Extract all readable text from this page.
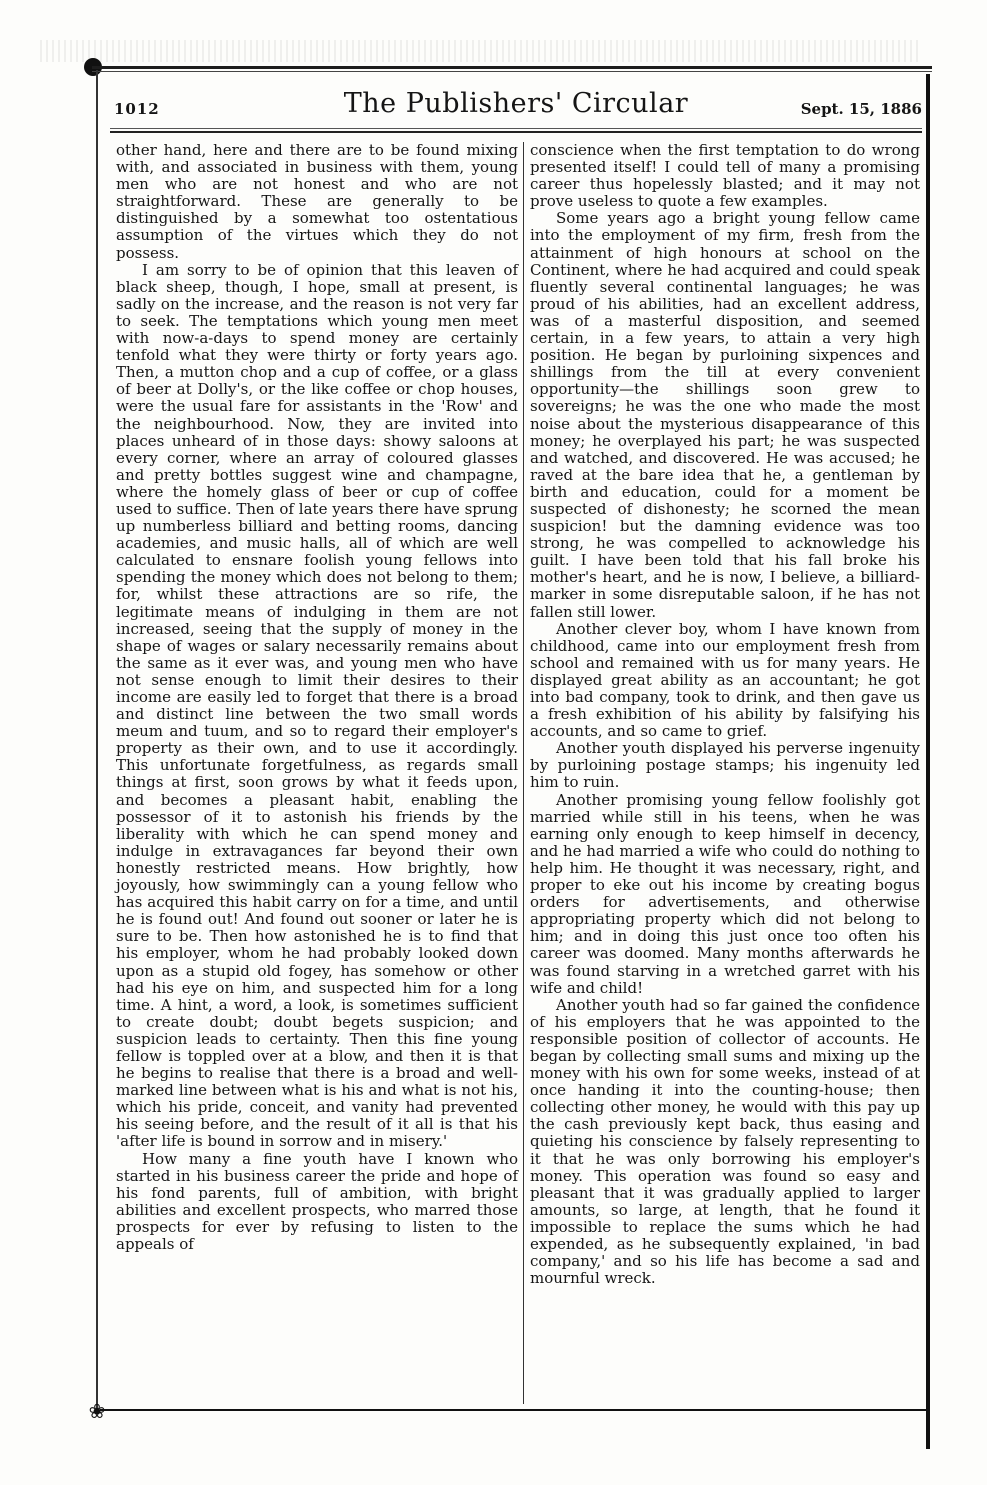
1012	The Publishers' Circular	Sept. 15, 1886

other hand, here and there are to be found mixing with, and associated in business with them, young men who are not honest and who are not straightforward. These are generally to be distinguished by a somewhat too ostentatious assumption of the virtues which they do not possess.

I am sorry to be of opinion that this leaven of black sheep, though, I hope, small at present, is sadly on the increase, and the reason is not very far to seek. The temptations which young men meet with now-a-days to spend money are certainly tenfold what they were thirty or forty years ago. Then, a mutton chop and a cup of coffee, or a glass of beer at Dolly's, or the like coffee or chop houses, were the usual fare for assistants in the 'Row' and the neighbourhood. Now, they are invited into places unheard of in those days: showy saloons at every corner, where an array of coloured glasses and pretty bottles suggest wine and champagne, where the homely glass of beer or cup of coffee used to suffice. Then of late years there have sprung up numberless billiard and betting rooms, dancing academies, and music halls, all of which are well calculated to ensnare foolish young fellows into spending the money which does not belong to them; for, whilst these attractions are so rife, the legitimate means of indulging in them are not increased, seeing that the supply of money in the shape of wages or salary necessarily remains about the same as it ever was, and young men who have not sense enough to limit their desires to their income are easily led to forget that there is a broad and distinct line between the two small words meum and tuum, and so to regard their employer's property as their own, and to use it accordingly. This unfortunate forgetfulness, as regards small things at first, soon grows by what it feeds upon, and becomes a pleasant habit, enabling the possessor of it to astonish his friends by the liberality with which he can spend money and indulge in extravagances far beyond their own honestly restricted means. How brightly, how joyously, how swimmingly can a young fellow who has acquired this habit carry on for a time, and until he is found out! And found out sooner or later he is sure to be. Then how astonished he is to find that his employer, whom he had probably looked down upon as a stupid old fogey, has somehow or other had his eye on him, and suspected him for a long time. A hint, a word, a look, is sometimes sufficient to create doubt; doubt begets suspicion; and suspicion leads to certainty. Then this fine young fellow is toppled over at a blow, and then it is that he begins to realise that there is a broad and well-marked line between what is his and what is not his, which his pride, conceit, and vanity had prevented his seeing before, and the result of it all is that his 'after life is bound in sorrow and in misery.'

How many a fine youth have I known who started in his business career the pride and hope of his fond parents, full of ambition, with bright abilities and excellent prospects, who marred those prospects for ever by refusing to listen to the appeals of

conscience when the first temptation to do wrong presented itself! I could tell of many a promising career thus hopelessly blasted; and it may not prove useless to quote a few examples.

Some years ago a bright young fellow came into the employment of my firm, fresh from the attainment of high honours at school on the Continent, where he had acquired and could speak fluently several continental languages; he was proud of his abilities, had an excellent address, was of a masterful disposition, and seemed certain, in a few years, to attain a very high position. He began by purloining sixpences and shillings from the till at every convenient opportunity—the shillings soon grew to sovereigns; he was the one who made the most noise about the mysterious disappearance of this money; he overplayed his part; he was suspected and watched, and discovered. He was accused; he raved at the bare idea that he, a gentleman by birth and education, could for a moment be suspected of dishonesty; he scorned the mean suspicion! but the damning evidence was too strong, he was compelled to acknowledge his guilt. I have been told that his fall broke his mother's heart, and he is now, I believe, a billiard-marker in some disreputable saloon, if he has not fallen still lower.

Another clever boy, whom I have known from childhood, came into our employment fresh from school and remained with us for many years. He displayed great ability as an accountant; he got into bad company, took to drink, and then gave us a fresh exhibition of his ability by falsifying his accounts, and so came to grief.

Another youth displayed his perverse ingenuity by purloining postage stamps; his ingenuity led him to ruin.

Another promising young fellow foolishly got married while still in his teens, when he was earning only enough to keep himself in decency, and he had married a wife who could do nothing to help him. He thought it was necessary, right, and proper to eke out his income by creating bogus orders for advertisements, and otherwise appropriating property which did not belong to him; and in doing this just once too often his career was doomed. Many months afterwards he was found starving in a wretched garret with his wife and child!

Another youth had so far gained the confidence of his employers that he was appointed to the responsible position of collector of accounts. He began by collecting small sums and mixing up the money with his own for some weeks, instead of at once handing it into the counting-house; then collecting other money, he would with this pay up the cash previously kept back, thus easing and quieting his conscience by falsely representing to it that he was only borrowing his employer's money. This operation was found so easy and pleasant that it was gradually applied to larger amounts, so large, at length, that he found it impossible to replace the sums which he had expended, as he subsequently explained, 'in bad company,' and so his life has become a sad and mournful wreck.

❀
